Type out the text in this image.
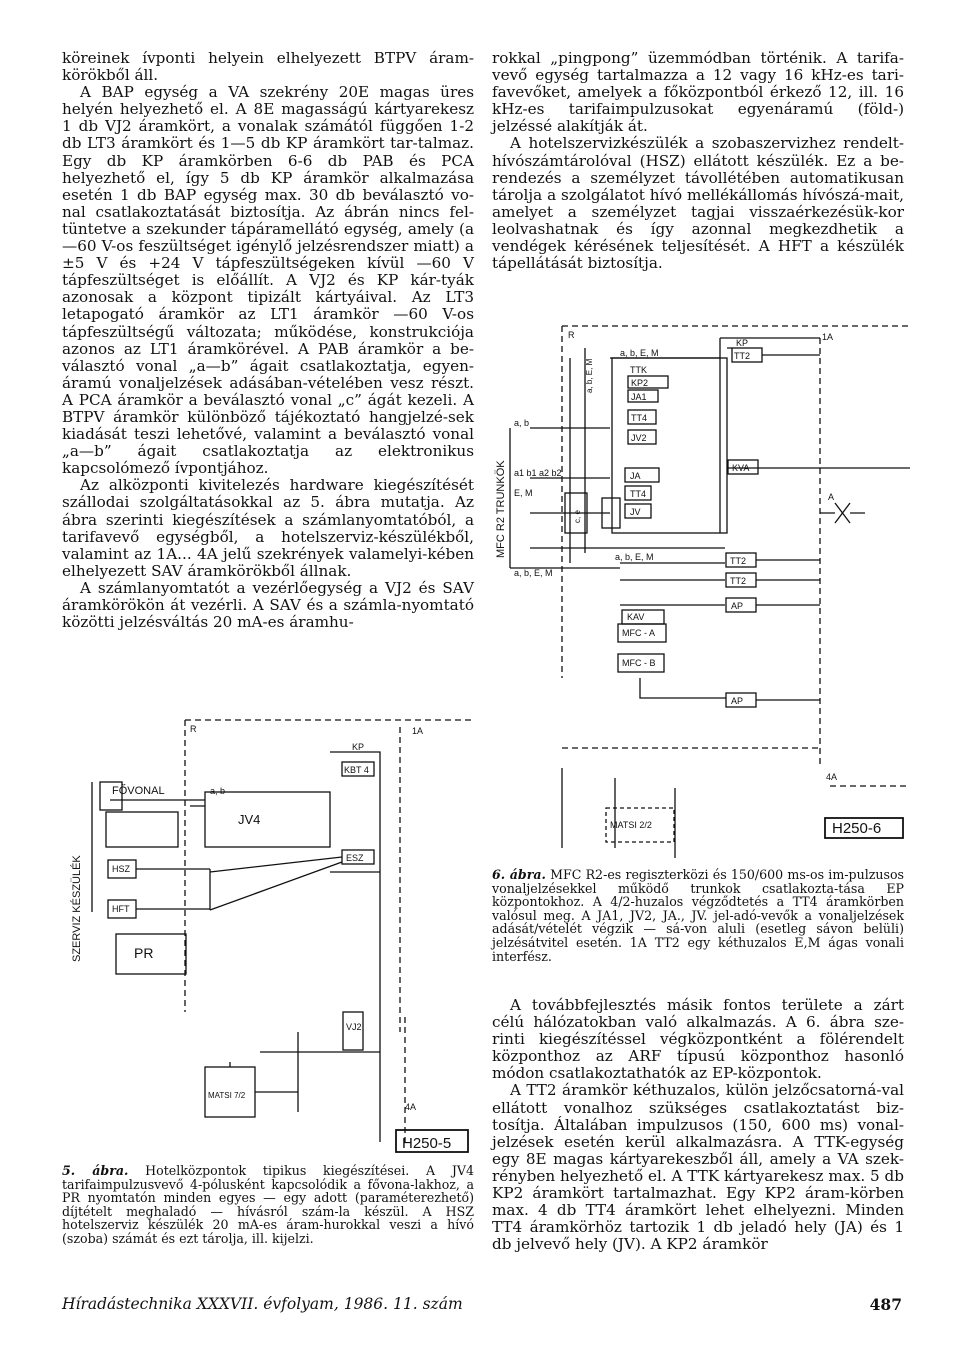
köreinek ívponti helyein elhelyezett BTPV áram-körökből áll.

A BAP egység a VA szekrény 20E magas üres helyén helyezhető el. A 8E magasságú kártyarekesz 1 db VJ2 áramkört, a vonalak számától függően 1-2 db LT3 áramkört és 1—5 db KP áramkört tar-talmaz. Egy db KP áramkörben 6-6 db PAB és PCA helyezhető el, így 5 db KP áramkör alkalmazása esetén 1 db BAP egység max. 30 db beválasztó vo-nal csatlakoztatását biztosítja. Az ábrán nincs fel-tüntetve a szekunder tápáramellátó egység, amely (a —60 V-os feszültséget igénylő jelzésrendszer miatt) a ±5 V és +24 V tápfeszültségeken kívül —60 V tápfeszültséget is előállít. A VJ2 és KP kár-tyák azonosak a központ tipizált kártyáival. Az LT3 letapogató áramkör az LT1 áramkör —60 V-os tápfeszültségű változata; működése, konstrukciója azonos az LT1 áramkörével. A PAB áramkör a be-választó vonal „a—b” ágait csatlakoztatja, egyen-áramú vonaljelzések adásában-vételében vesz részt. A PCA áramkör a beválasztó vonal „c” ágát kezeli. A BTPV áramkör különböző tájékoztató hangjelzé-sek kiadását teszi lehetővé, valamint a beválasztó vonal „a—b” ágait csatlakoztatja az elektronikus kapcsolómező ívpontjához.

Az alközponti kivitelezés hardware kiegészítését szállodai szolgáltatásokkal az 5. ábra mutatja. Az ábra szerinti kiegészítések a számlanyomtatóból, a tarifavevő egységből, a hotelszerviz-készülékből, valamint az 1A... 4A jelű szekrények valamelyi-kében elhelyezett SAV áramkörökből állnak.

A számlanyomtatót a vezérlőegység a VJ2 és SAV áramkörökön át vezérli. A SAV és a számla-nyomtató közötti jelzésváltás 20 mA-es áramhu-

rokkal „pingpong” üzemmódban történik. A tarifa-vevő egység tartalmazza a 12 vagy 16 kHz-es tari-favevőket, amelyek a főközpontból érkező 12, ill. 16 kHz-es tarifaimpulzusokat egyenáramú (föld-) jelzéssé alakítják át.

A hotelszervizkészülék a szobaszervizhez rendelt-hívószámtárolóval (HSZ) ellátott készülék. Ez a be-rendezés a személyzet távollétében automatikusan tárolja a szolgálatot hívó mellékállomás hívószá-mait, amelyet a személyzet tagjai visszaérkezésük-kor leolvashatnak és így azonnal megkezdhetik a vendégek kérésének teljesítését. A HFT a készülék tápellátását biztosítja.

R	1A
KP
TT2
a, b, E, M
TTK
KP2
JA1
TT4
JV2
JA
TT4
JV
KVA
A
TT2
TT2
AP
KAV
MFC - A
MFC - B
AP
4A
MATSI 2/2
a, b
a1 b1 a2 b2
E, M
a, b, E, M
a, b, E, M
c, e
a, b, E, M
MFC R2 TRUNKÖK
H250-6

6. ábra. MFC R2-es regiszterközi és 150/600 ms-os im-pulzusos vonaljelzésekkel működő trunkok csatlakozta-tása EP központokhoz. A 4/2-huzalos végződtetés a TT4 áramkörben valósul meg. A JA1, JV2, JA., JV. jel-adó-vevők a vonaljelzések adását/vételét végzik — sá-von aluli (esetleg sávon belüli) jelzésátvitel esetén. 1A TT2 egy kéthuzalos E,M ágas vonali interfész.

R	1A
KP
KBT 4
FŐVONAL	a, b
JV4
ESZ
HSZ
HFT
PR
VJ2
MATSI 7/2
4A
SZERVIZ KÉSZÜLÉK
H250-5

5. ábra. Hotelközpontok tipikus kiegészítései. A JV4 tarifaimpulzusvevő 4-pólusként kapcsolódik a fővona-lakhoz, a PR nyomtatón minden egyes — egy adott (paraméterezhető) díjtételt meghaladó — hívásról szám-la készül. A HSZ hotelszerviz készülék 20 mA-es áram-hurokkal veszi a hívó (szoba) számát és ezt tárolja, ill. kijelzi.

A továbbfejlesztés másik fontos területe a zárt célú hálózatokban való alkalmazás. A 6. ábra sze-rinti kiegészítéssel végközpontként a fölérendelt központhoz az ARF típusú központhoz hasonló módon csatlakoztathatók az EP-központok.

A TT2 áramkör kéthuzalos, külön jelzőcsatorná-val ellátott vonalhoz szükséges csatlakoztatást biz-tosítja. Általában impulzusos (150, 600 ms) vonal-jelzések esetén kerül alkalmazásra. A TTK-egység egy 8E magas kártyarekeszből áll, amely a VA szek-rényben helyezhető el. A TTK kártyarekesz max. 5 db KP2 áramkört tartalmazhat. Egy KP2 áram-körben max. 4 db TT4 áramkört lehet elhelyezni. Minden TT4 áramkörhöz tartozik 1 db jeladó hely (JA) és 1 db jelvevő hely (JV). A KP2 áramkör

Híradástechnika XXXVII. évfolyam, 1986. 11. szám	487
